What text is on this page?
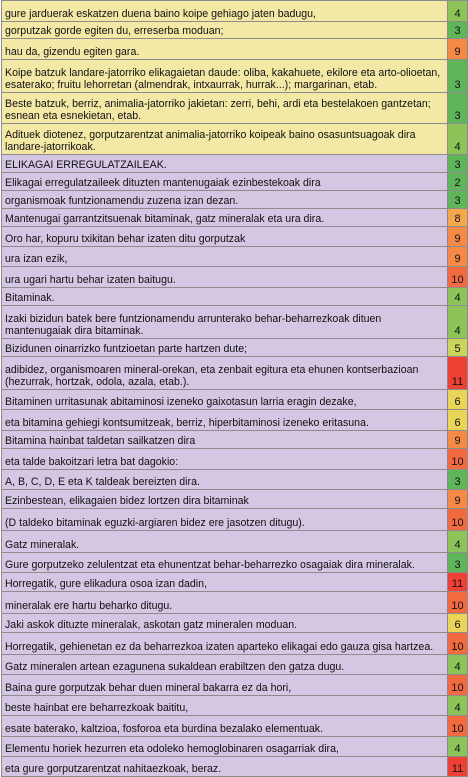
gure jarduerak eskatzen duena baino koipe gehiago jaten badugu,	4
gorputzak gorde egiten du, erreserba moduan;	3
hau da, gizendu egiten gara.	9
Koipe batzuk landare-jatorriko elikagaietan daude: oliba, kakahuete, ekilore eta arto-olioetan, esaterako; fruitu lehorretan (almendrak, intxaurrak, hurrak...); margarinan, etab.	3
Beste batzuk, berriz, animalia-jatorriko jakietan: zerri, behi, ardi eta bestelakoen gantzetan; esnean eta esnekietan, etab.	3
Adituek diotenez, gorputzarentzat animalia-jatorriko koipeak baino osasuntsuagoak dira landare-jatorrikoak.	4
ELIKAGAI ERREGULATZAILEAK.	3
Elikagai erregulatzaileek dituzten mantenugaiak ezinbestekoak dira	2
organismoak funtzionamendu zuzena izan dezan.	3
Mantenugai garrantzitsuenak bitaminak, gatz mineralak eta ura dira.	8
Oro har, kopuru txikitan behar izaten ditu gorputzak	9
ura izan ezik,	9
ura ugari hartu behar izaten baitugu.	10
Bitaminak.	4
Izaki bizidun batek bere funtzionamendu arrunterako behar-beharrezkoak dituen mantenugaiak dira bitaminak.	4
Bizidunen oinarrizko funtzioetan parte hartzen dute;	5
adibidez, organismoaren mineral-orekan, eta zenbait egitura eta ehunen kontserbazioan (hezurrak, hortzak, odola, azala, etab.).	11
Bitaminen urritasunak abitaminosi izeneko gaixotasun larria eragin dezake,	6
eta bitamina gehiegi kontsumitzeak, berriz, hiperbitaminosi izeneko eritasuna.	6
Bitamina hainbat taldetan sailkatzen dira	9
eta talde bakoitzari letra bat dagokio:	10
A, B, C, D, E eta K taldeak bereizten dira.	3
Ezinbestean, elikagaien bidez lortzen dira bitaminak	9
(D taldeko bitaminak eguzki-argiaren bidez ere jasotzen ditugu).	10
Gatz mineralak.	4
Gure gorputzeko zelulentzat eta ehunentzat behar-beharrezko osagaiak dira mineralak.	3
Horregatik, gure elikadura osoa izan dadin,	11
mineralak ere hartu beharko ditugu.	10
Jaki askok dituzte mineralak, askotan gatz mineralen moduan.	6
Horregatik, gehienetan ez da beharrezkoa izaten aparteko elikagai edo gauza gisa hartzea.	10
Gatz mineralen artean ezagunena sukaldean erabiltzen den gatza dugu.	4
Baina gure gorputzak behar duen mineral bakarra ez da hori,	10
beste hainbat ere beharrezkoak baititu,	4
esate baterako, kaltzioa, fosforoa eta burdina bezalako elementuak.	10
Elementu horiek hezurren eta odoleko hemoglobinaren osagarriak dira,	4
eta gure gorputzarentzat nahitaezkoak, beraz.	11
